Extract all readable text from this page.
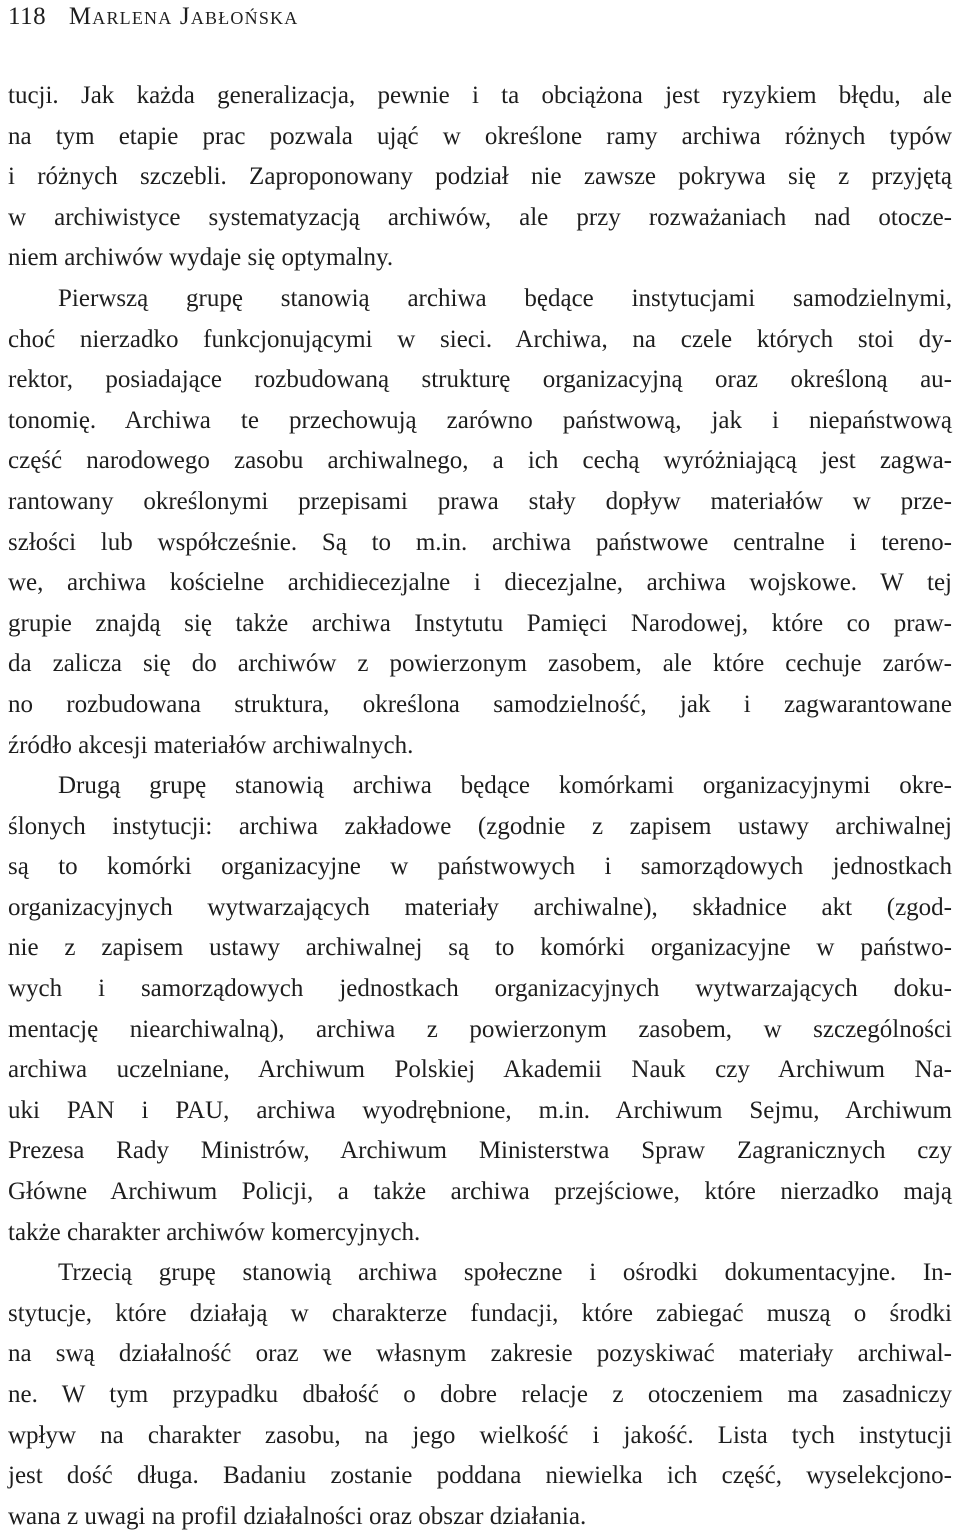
118 Marlena Jabłońska
tucji. Jak każda generalizacja, pewnie i ta obciążona jest ryzykiem błędu, ale
na tym etapie prac pozwala ująć w określone ramy archiwa różnych typów
i różnych szczebli. Zaproponowany podział nie zawsze pokrywa się z przyjętą
w archiwistyce systematyzacją archiwów, ale przy rozważaniach nad otocze-
niem archiwów wydaje się optymalny.
Pierwszą grupę stanowią archiwa będące instytucjami samodzielnymi,
choć nierzadko funkcjonującymi w sieci. Archiwa, na czele których stoi dy-
rektor, posiadające rozbudowaną strukturę organizacyjną oraz określoną au-
tonomię. Archiwa te przechowują zarówno państwową, jak i niepaństwową
część narodowego zasobu archiwalnego, a ich cechą wyróżniającą jest zagwa-
rantowany określonymi przepisami prawa stały dopływ materiałów w prze-
szłości lub współcześnie. Są to m.in. archiwa państwowe centralne i tereno-
we, archiwa kościelne archidiecezjalne i diecezjalne, archiwa wojskowe. W tej
grupie znajdą się także archiwa Instytutu Pamięci Narodowej, które co praw-
da zalicza się do archiwów z powierzonym zasobem, ale które cechuje zarów-
no rozbudowana struktura, określona samodzielność, jak i zagwarantowane
źródło akcesji materiałów archiwalnych.
Drugą grupę stanowią archiwa będące komórkami organizacyjnymi okre-
ślonych instytucji: archiwa zakładowe (zgodnie z zapisem ustawy archiwalnej
są to komórki organizacyjne w państwowych i samorządowych jednostkach
organizacyjnych wytwarzających materiały archiwalne), składnice akt (zgod-
nie z zapisem ustawy archiwalnej są to komórki organizacyjne w państwo-
wych i samorządowych jednostkach organizacyjnych wytwarzających doku-
mentację niearchiwalną), archiwa z powierzonym zasobem, w szczególności
archiwa uczelniane, Archiwum Polskiej Akademii Nauk czy Archiwum Na-
uki PAN i PAU, archiwa wyodrębnione, m.in. Archiwum Sejmu, Archiwum
Prezesa Rady Ministrów, Archiwum Ministerstwa Spraw Zagranicznych czy
Główne Archiwum Policji, a także archiwa przejściowe, które nierzadko mają
także charakter archiwów komercyjnych.
Trzecią grupę stanowią archiwa społeczne i ośrodki dokumentacyjne. In-
stytucje, które działają w charakterze fundacji, które zabiegać muszą o środki
na swą działalność oraz we własnym zakresie pozyskiwać materiały archiwal-
ne. W tym przypadku dbałość o dobre relacje z otoczeniem ma zasadniczy
wpływ na charakter zasobu, na jego wielkość i jakość. Lista tych instytucji
jest dość długa. Badaniu zostanie poddana niewielka ich część, wyselekcjono-
wana z uwagi na profil działalności oraz obszar działania.
